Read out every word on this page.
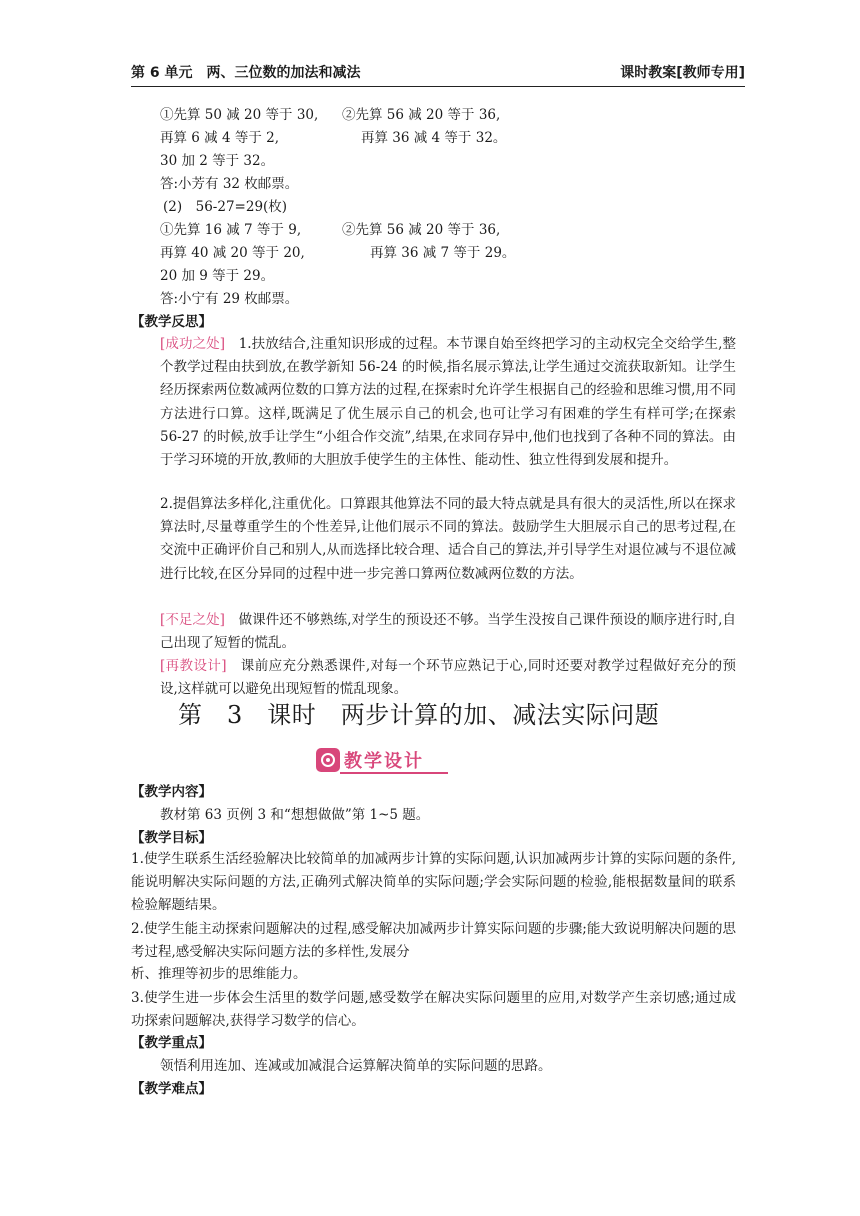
第 6 单元　两、三位数的加法和减法	课时教案[教师专用]
①先算 50 减 20 等于 30, ②先算 56 减 20 等于 36,
再算 6 减 4 等于 2,	再算 36 减 4 等于 32。
30 加 2 等于 32。
答:小芳有 32 枚邮票。
(2)　56-27=29(枚)
①先算 16 减 7 等于 9,	②先算 56 减 20 等于 36,
再算 40 减 20 等于 20,	再算 36 减 7 等于 29。
20 加 9 等于 29。
答:小宁有 29 枚邮票。
【教学反思】
[成功之处]　 1.扶放结合,注重知识形成的过程。本节课自始至终把学习的主动权完全交给学生,整个教学过程由扶到放,在教学新知 56-24 的时候,指名展示算法,让学生通过交流获取新知。让学生经历探索两位数减两位数的口算方法的过程,在探索时允许学生根据自己的经验和思维习惯,用不同方法进行口算。这样,既满足了优生展示自己的机会,也可让学习有困难的学生有样可学;在探索 56-27 的时候,放手让学生“小组合作交流”,结果,在求同存异中,他们也找到了各种不同的算法。由于学习环境的开放,教师的大胆放手使学生的主体性、能动性、独立性得到发展和提升。
2.提倡算法多样化,注重优化。口算跟其他算法不同的最大特点就是具有很大的灵活性,所以在探求算法时,尽量尊重学生的个性差异,让他们展示不同的算法。鼓励学生大胆展示自己的思考过程,在交流中正确评价自己和别人,从而选择比较合理、适合自己的算法,并引导学生对退位减与不退位减进行比较,在区分异同的过程中进一步完善口算两位数减两位数的方法。
[不足之处]　 做课件还不够熟练,对学生的预设还不够。当学生没按自己课件预设的顺序进行时,自己出现了短暂的慌乱。
[再教设计]　 课前应充分熟悉课件,对每一个环节应熟记于心,同时还要对教学过程做好充分的预设,这样就可以避免出现短暂的慌乱现象。
第　3　课时　两步计算的加、减法实际问题
教学设计
【教学内容】
教材第 63 页例 3 和“想想做做”第 1~5 题。
【教学目标】
1.使学生联系生活经验解决比较简单的加减两步计算的实际问题,认识加减两步计算的实际问题的条件,能说明解决实际问题的方法,正确列式解决简单的实际问题;学会实际问题的检验,能根据数量间的联系检验解题结果。
2.使学生能主动探索问题解决的过程,感受解决加减两步计算实际问题的步骤;能大致说明解决问题的思考过程,感受解决实际问题方法的多样性,发展分
析、推理等初步的思维能力。
3.使学生进一步体会生活里的数学问题,感受数学在解决实际问题里的应用,对数学产生亲切感;通过成功探索问题解决,获得学习数学的信心。
【教学重点】
领悟利用连加、连减或加减混合运算解决简单的实际问题的思路。
【教学难点】
